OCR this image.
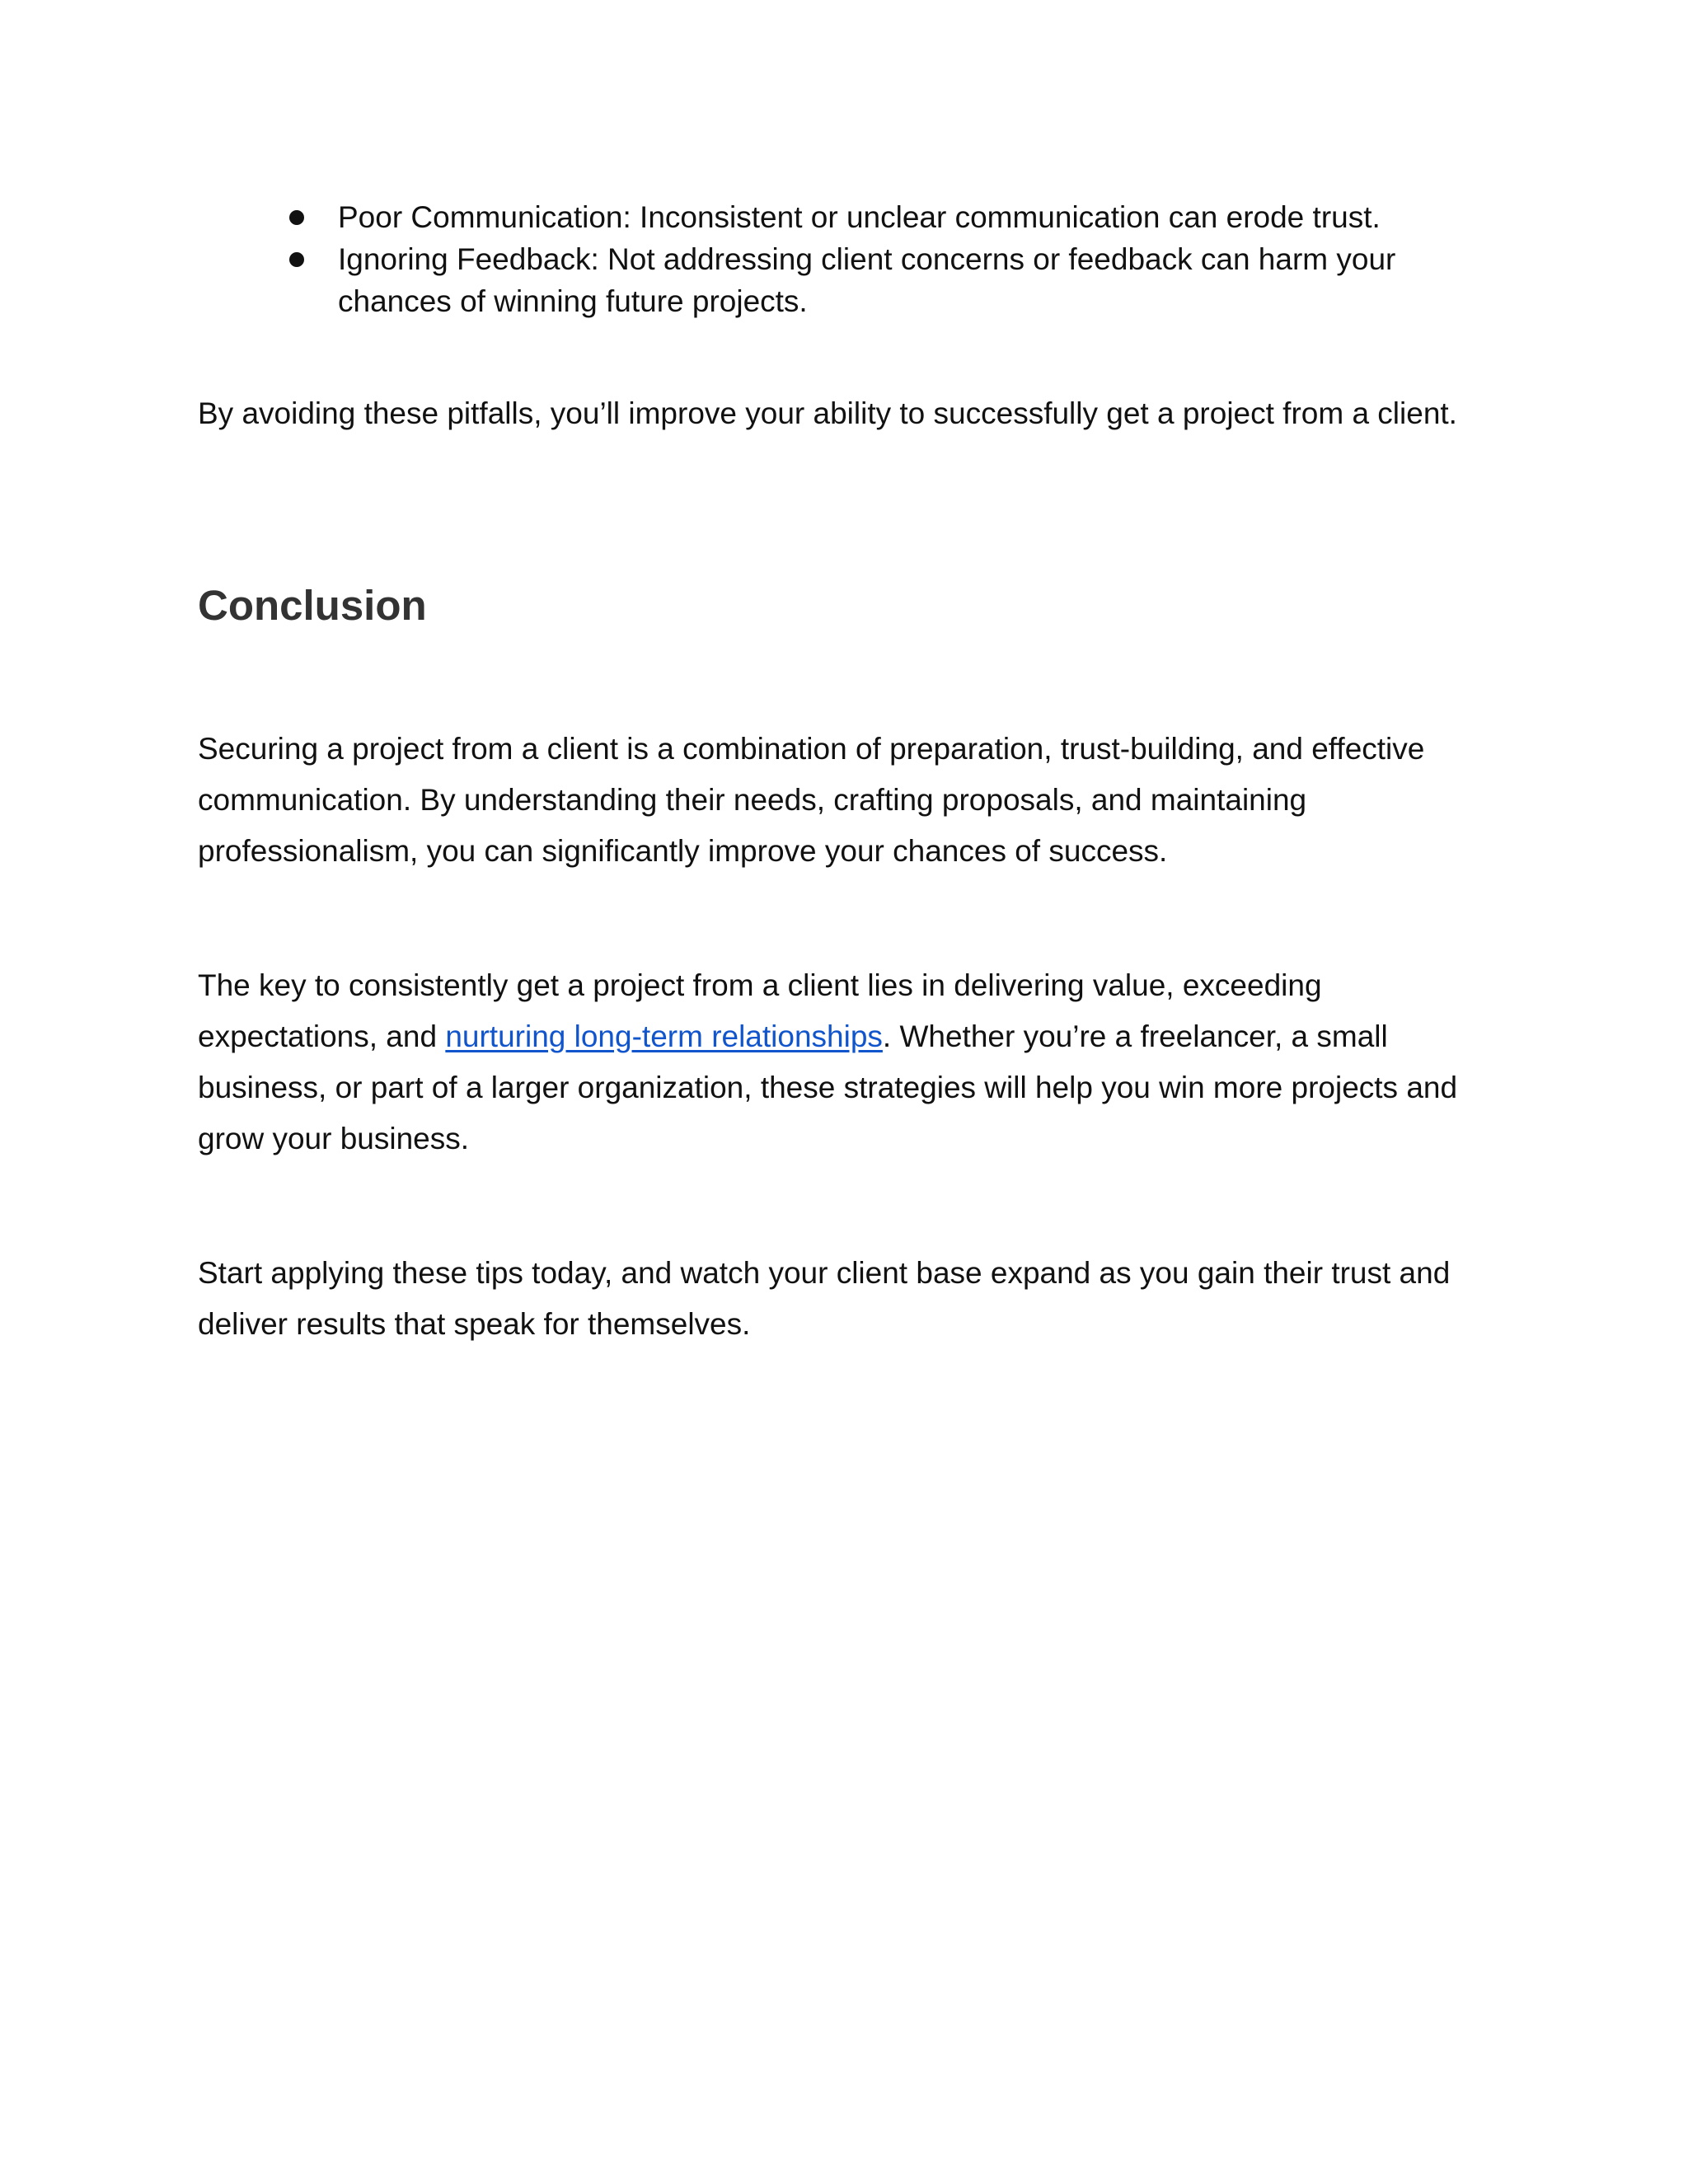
Poor Communication: Inconsistent or unclear communication can erode trust.
Ignoring Feedback: Not addressing client concerns or feedback can harm your chances of winning future projects.

By avoiding these pitfalls, you’ll improve your ability to successfully get a project from a client.

Conclusion

Securing a project from a client is a combination of preparation, trust-building, and effective communication. By understanding their needs, crafting proposals, and maintaining professionalism, you can significantly improve your chances of success.

The key to consistently get a project from a client lies in delivering value, exceeding expectations, and nurturing long-term relationships. Whether you’re a freelancer, a small business, or part of a larger organization, these strategies will help you win more projects and grow your business.

Start applying these tips today, and watch your client base expand as you gain their trust and deliver results that speak for themselves.
